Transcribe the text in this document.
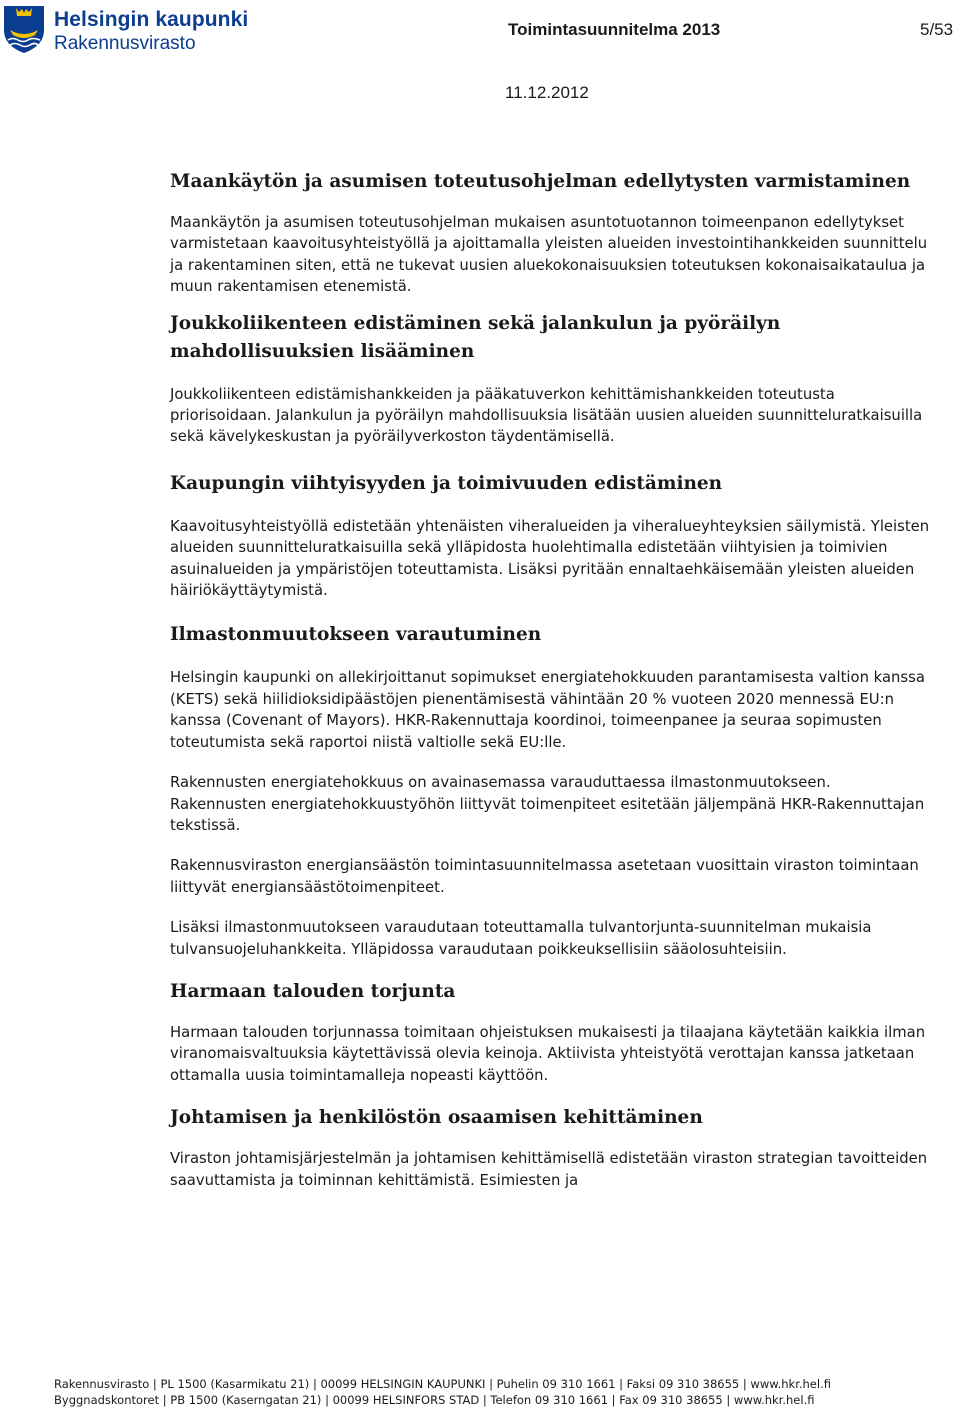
Helsingin kaupunki
Rakennusvirasto
Toimintasuunnitelma 2013	5/53
11.12.2012
Maankäytön ja asumisen toteutusohjelman edellytysten varmistaminen

Maankäytön ja asumisen toteutusohjelman mukaisen asuntotuotannon toimeenpanon edellytykset varmistetaan kaavoitusyhteistyöllä ja ajoittamalla yleisten alueiden investointihankkeiden suunnittelu ja rakentaminen siten, että ne tukevat uusien aluekokonaisuuksien toteutuksen kokonaisaikataulua ja muun rakentamisen etenemistä.

Joukkoliikenteen edistäminen sekä jalankulun ja pyöräilyn mahdollisuuksien lisääminen

Joukkoliikenteen edistämishankkeiden ja pääkatuverkon kehittämishankkeiden toteutusta priorisoidaan. Jalankulun ja pyöräilyn mahdollisuuksia lisätään uusien alueiden suunnitteluratkaisuilla sekä kävelykeskustan ja pyöräilyverkoston täydentämisellä.

Kaupungin viihtyisyyden ja toimivuuden edistäminen

Kaavoitusyhteistyöllä edistetään yhtenäisten viheralueiden ja viheralueyhteyksien säilymistä. Yleisten alueiden suunnitteluratkaisuilla sekä ylläpidosta huolehtimalla edistetään viihtyisien ja toimivien asuinalueiden ja ympäristöjen toteuttamista. Lisäksi pyritään ennaltaehkäisemään yleisten alueiden häiriökäyttäytymistä.

Ilmastonmuutokseen varautuminen

Helsingin kaupunki on allekirjoittanut sopimukset energiatehokkuuden parantamisesta valtion kanssa (KETS) sekä hiilidioksidipäästöjen pienentämisestä vähintään 20 % vuoteen 2020 mennessä EU:n kanssa (Covenant of Mayors). HKR-Rakennuttaja koordinoi, toimeenpanee ja seuraa sopimusten toteutumista sekä raportoi niistä valtiolle sekä EU:lle.

Rakennusten energiatehokkuus on avainasemassa varauduttaessa ilmastonmuutokseen. Rakennusten energiatehokkuustyöhön liittyvät toimenpiteet esitetään jäljempänä HKR-Rakennuttajan tekstissä.

Rakennusviraston energiansäästön toimintasuunnitelmassa asetetaan vuosittain viraston toimintaan liittyvät energiansäästötoimenpiteet.

Lisäksi ilmastonmuutokseen varaudutaan toteuttamalla tulvantorjunta-suunnitelman mukaisia tulvansuojeluhankkeita. Ylläpidossa varaudutaan poikkeuksellisiin sääolosuhteisiin.

Harmaan talouden torjunta

Harmaan talouden torjunnassa toimitaan ohjeistuksen mukaisesti ja tilaajana käytetään kaikkia ilman viranomaisvaltuuksia käytettävissä olevia keinoja. Aktiivista yhteistyötä verottajan kanssa jatketaan ottamalla uusia toimintamalleja nopeasti käyttöön.

Johtamisen ja henkilöstön osaamisen kehittäminen

Viraston johtamisjärjestelmän ja johtamisen kehittämisellä edistetään viraston strategian tavoitteiden saavuttamista ja toiminnan kehittämistä. Esimiesten ja

Rakennusvirasto | PL 1500 (Kasarmikatu 21) | 00099 HELSINGIN KAUPUNKI | Puhelin 09 310 1661 | Faksi 09 310 38655 | www.hkr.hel.fi
Byggnadskontoret | PB 1500 (Kaserngatan 21) | 00099 HELSINFORS STAD | Telefon 09 310 1661 | Fax 09 310 38655 | www.hkr.hel.fi
